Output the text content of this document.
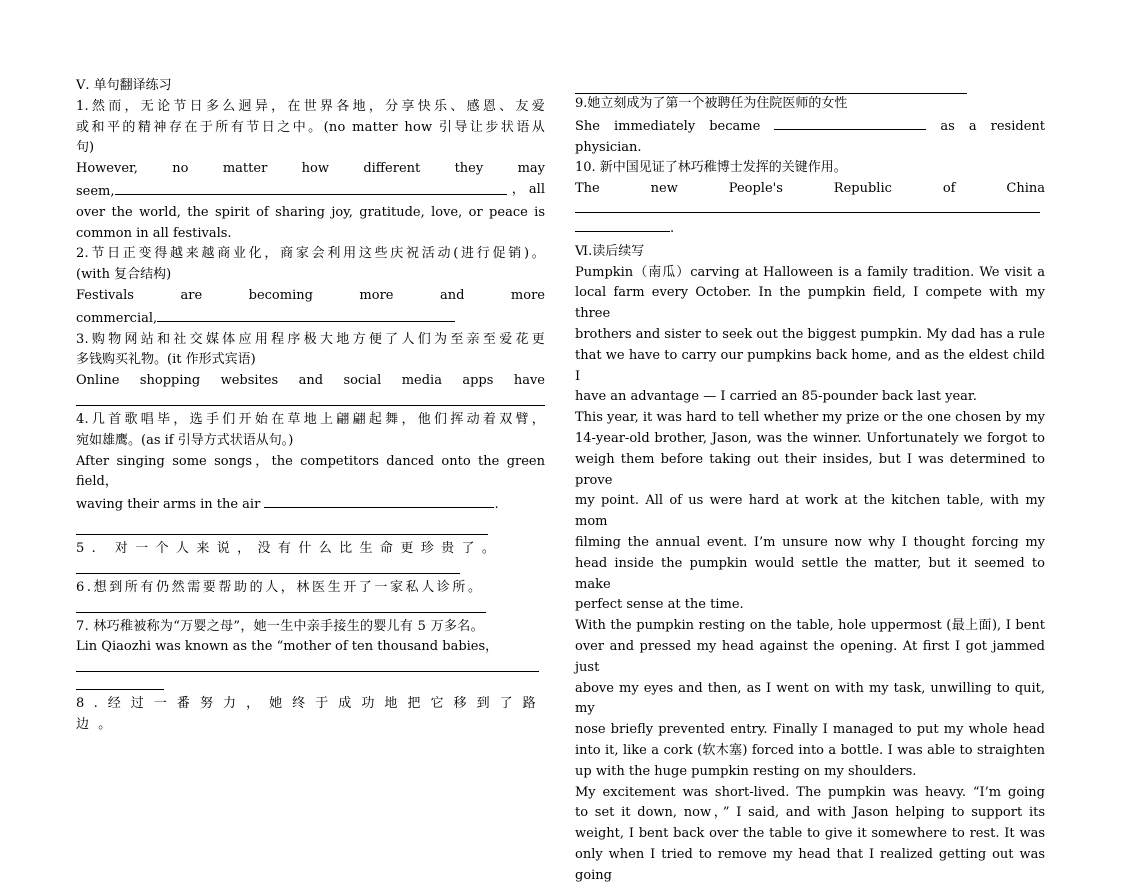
Ⅴ. 单句翻译练习

1.然而，无论节日多么迥异，在世界各地，分享快乐、感恩、友爱

或和平的精神存在于所有节日之中。(no matter how 引导让步状语从

句)

However, no matter how different they may

seem,	， all

over the world, the spirit of sharing joy, gratitude, love, or peace is

common in all festivals.

2.节日正变得越来越商业化，商家会利用这些庆祝活动(进行促销)。

(with 复合结构)

Festivals are becoming more and more

commercial,

3.购物网站和社交媒体应用程序极大地方便了人们为至亲至爱花更

多钱购买礼物。(it 作形式宾语)

Online shopping websites and social media apps have

4.几首歌唱毕，选手们开始在草地上翩翩起舞，他们挥动着双臂，

宛如雄鹰。(as if 引导方式状语从句。)

After singing some songs，the competitors danced onto the green field，

waving their arms in the air	.

5. 对一个人来说，没有什么比生命更珍贵了。

6.想到所有仍然需要帮助的人，林医生开了一家私人诊所。

7. 林巧稚被称为“万婴之母”，她一生中亲手接生的婴儿有 5 万多名。

Lin Qiaozhi was known as the “mother of ten thousand babies，

8.经过一番努力，她终于成功地把它移到了路边。

9.她立刻成为了第一个被聘任为住院医师的女性

She immediately became	as a resident physician.

10. 新中国见证了林巧稚博士发挥的关键作用。

The new People's Republic of China

.

Ⅵ.读后续写

Pumpkin（南瓜）carving at Halloween is a family tradition. We visit a

local farm every October. In the pumpkin field, I compete with my three

brothers and sister to seek out the biggest pumpkin. My dad has a rule

that we have to carry our pumpkins back home, and as the eldest child I

have an advantage — I carried an 85-pounder back last year.

This year, it was hard to tell whether my prize or the one chosen by my

14-year-old brother, Jason, was the winner. Unfortunately we forgot to

weigh them before taking out their insides, but I was determined to prove

my point. All of us were hard at work at the kitchen table, with my mom

filming the annual event. I’m unsure now why I thought forcing my

head inside the pumpkin would settle the matter, but it seemed to make

perfect sense at the time.

With the pumpkin resting on the table, hole uppermost (最上面), I bent

over and pressed my head against the opening. At first I got jammed just

above my eyes and then, as I went on with my task, unwilling to quit, my

nose briefly prevented entry. Finally I managed to put my whole head

into it, like a cork (软木塞) forced into a bottle. I was able to straighten

up with the huge pumpkin resting on my shoulders.

My excitement was short-lived. The pumpkin was heavy. “I’m going

to set it down, now，” I said, and with Jason helping to support its

weight, I bent back over the table to give it somewhere to rest. It was

only when I tried to remove my head that I realized getting out was going
